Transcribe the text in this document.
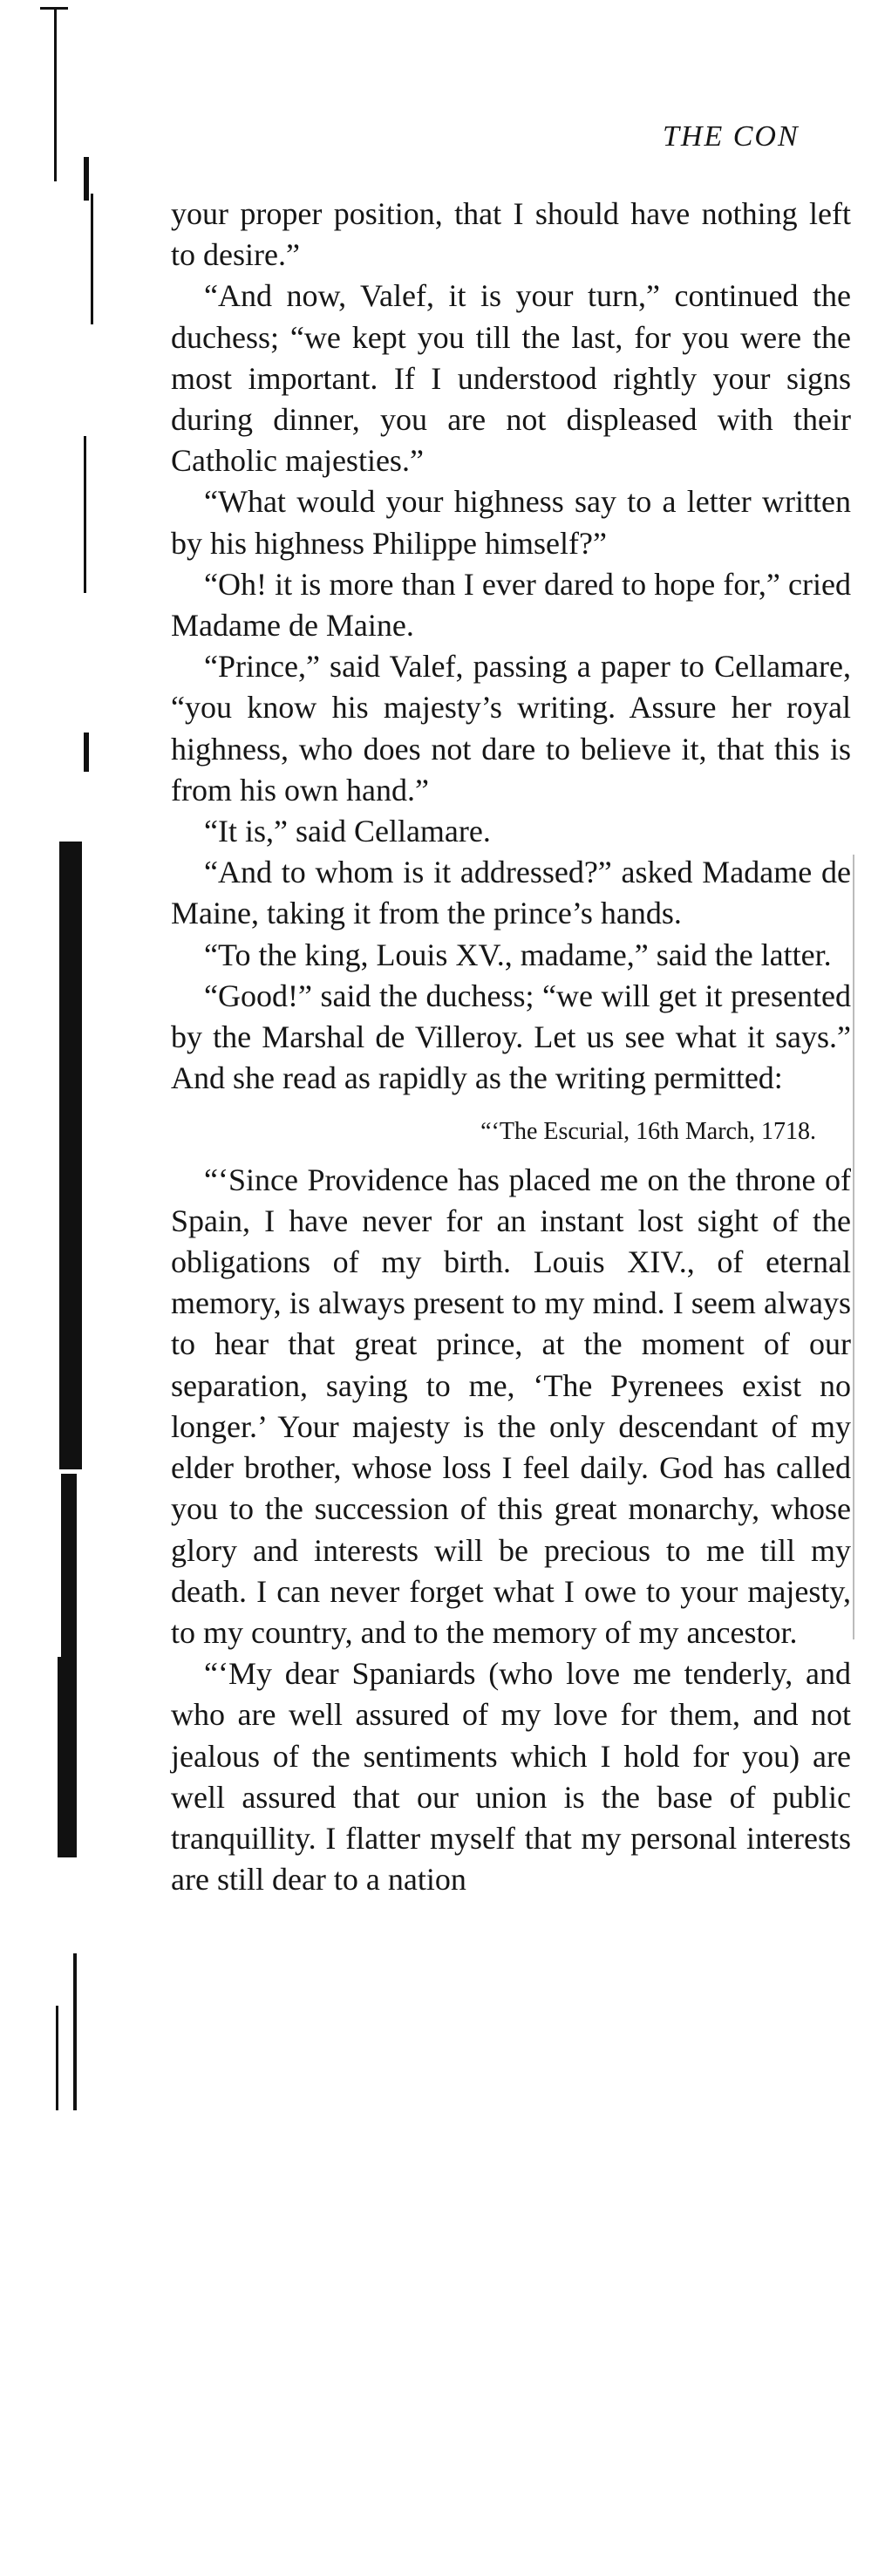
THE CON

your proper position, that I should have nothing left to desire.”

“And now, Valef, it is your turn,” continued the duchess; “we kept you till the last, for you were the most important. If I understood rightly your signs during dinner, you are not displeased with their Catholic majesties.”

“What would your highness say to a letter written by his highness Philippe himself?”

“Oh! it is more than I ever dared to hope for,” cried Madame de Maine.

“Prince,” said Valef, passing a paper to Cellamare, “you know his majesty’s writing. Assure her royal highness, who does not dare to believe it, that this is from his own hand.”

“It is,” said Cellamare.

“And to whom is it addressed?” asked Madame de Maine, taking it from the prince’s hands.

“To the king, Louis XV., madame,” said the latter.

“Good!” said the duchess; “we will get it presented by the Marshal de Villeroy. Let us see what it says.” And she read as rapidly as the writing permitted:

“‘The Escurial, 16th March, 1718.

“‘Since Providence has placed me on the throne of Spain, I have never for an instant lost sight of the obligations of my birth. Louis XIV., of eternal memory, is always present to my mind. I seem always to hear that great prince, at the moment of our separation, saying to me, ‘The Pyrenees exist no longer.’ Your majesty is the only descendant of my elder brother, whose loss I feel daily. God has called you to the succession of this great monarchy, whose glory and interests will be precious to me till my death. I can never forget what I owe to your majesty, to my country, and to the memory of my ancestor.

“‘My dear Spaniards (who love me tenderly, and who are well assured of my love for them, and not jealous of the sentiments which I hold for you) are well assured that our union is the base of public tranquillity. I flatter myself that my personal interests are still dear to a nation
